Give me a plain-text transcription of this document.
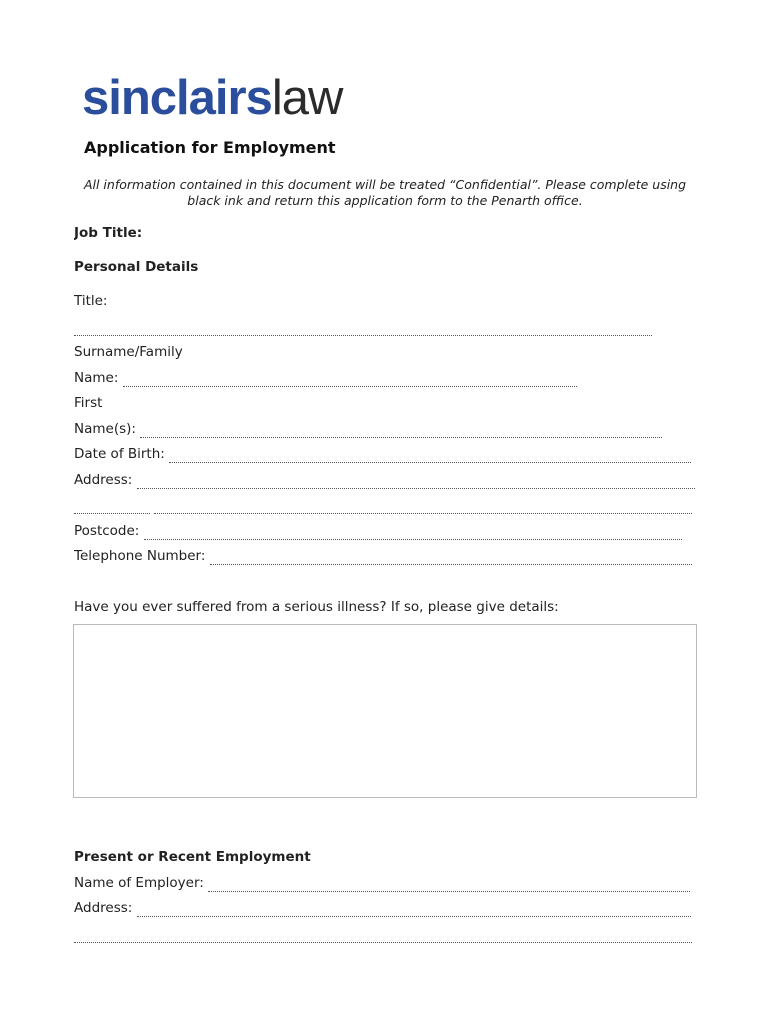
sinclairslaw
Application for Employment
All information contained in this document will be treated “Confidential”. Please complete using black ink and return this application form to the Penarth office.
Job Title:
Personal Details
Title:
Surname/Family
Name:
First
Name(s):
Date of Birth:
Address:

Postcode:
Telephone Number:
Have you ever suffered from a serious illness? If so, please give details:
Present or Recent Employment
Name of Employer:
Address:
